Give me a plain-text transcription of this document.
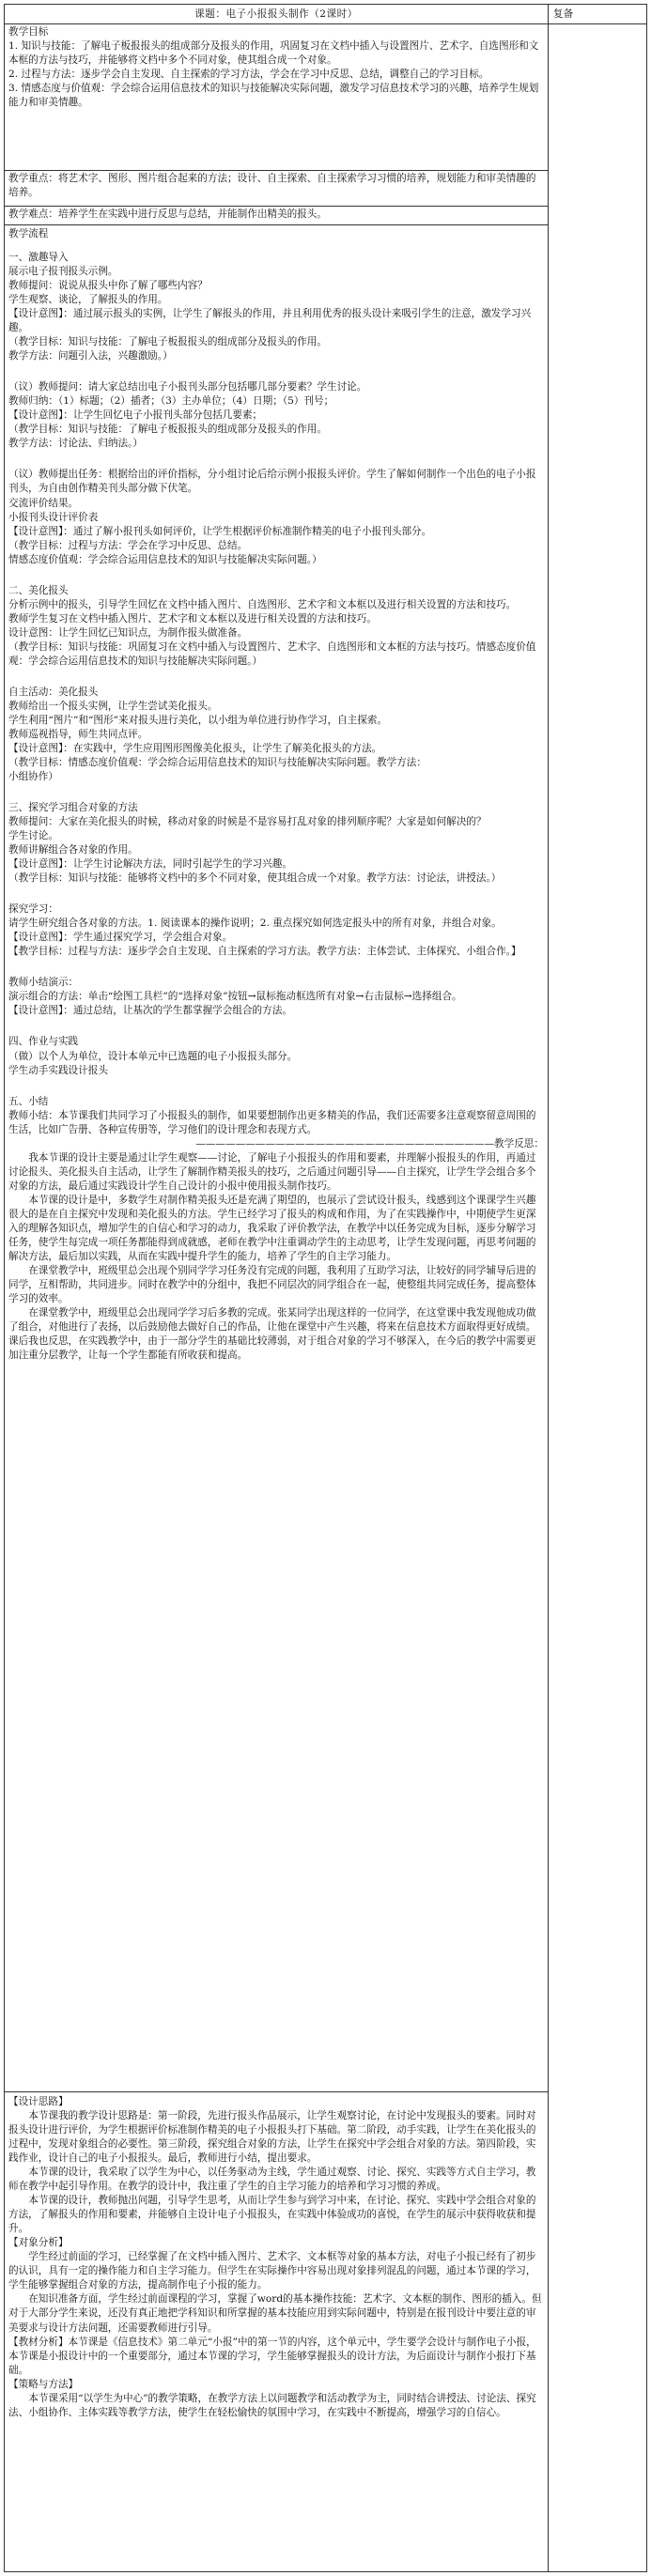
课题：电子小报报头制作（2课时）	复备

教学目标

1. 知识与技能：了解电子板报报头的组成部分及报头的作用，巩固复习在文档中插入与设置图片、艺术字、自选图形和文本框的方法与技巧，并能够将文档中多个不同对象，使其组合成一个对象。

2. 过程与方法：逐步学会自主发现、自主探索的学习方法，学会在学习中反思、总结，调整自己的学习目标。

3. 情感态度与价值观：学会综合运用信息技术的知识与技能解决实际问题，激发学习信息技术学习的兴趣，培养学生规划能力和审美情趣。

教学重点：将艺术字、图形、图片组合起来的方法；设计、自主探索、自主探索学习习惯的培养，规划能力和审美情趣的培养。

教学难点：培养学生在实践中进行反思与总结，并能制作出精美的报头。

教学流程

一、激趣导入

展示电子报刊报头示例。

教师提问：说说从报头中你了解了哪些内容？

学生观察、谈论，了解报头的作用。

【设计意图】：通过展示报头的实例，让学生了解报头的作用，并且利用优秀的报头设计来吸引学生的注意，激发学习兴趣。

（教学目标：知识与技能：了解电子板报报头的组成部分及报头的作用。

教学方法：问题引入法，兴趣激励。）

（议）教师提问：请大家总结出电子小报刊头部分包括哪几部分要素？学生讨论。

教师归纳：（1）标题；（2）插者；（3）主办单位；（4）日期；（5）刊号；

【设计意图】：让学生回忆电子小报刊头部分包括几要素；

（教学目标：知识与技能：了解电子板报报头的组成部分及报头的作用。

教学方法：讨论法、归纳法。）

（议）教师提出任务：根据给出的评价指标，分小组讨论后给示例小报报头评价。学生了解如何制作一个出色的电子小报刊头，为自由创作精美刊头部分做下伏笔。

交流评价结果。

小报刊头设计评价表

【设计意图】：通过了解小报刊头如何评价，让学生根据评价标准制作精美的电子小报刊头部分。

（教学目标：过程与方法：学会在学习中反思、总结。

情感态度价值观：学会综合运用信息技术的知识与技能解决实际问题。）

二、美化报头

分析示例中的报头，引导学生回忆在文档中插入图片、自选图形、艺术字和文本框以及进行相关设置的方法和技巧。

教师学生复习在文档中插入图片、艺术字和文本框以及进行相关设置的方法和技巧。

设计意图：让学生回忆已知识点，为制作报头做准备。

（教学目标：知识与技能：巩固复习在文档中插入与设置图片、艺术字、自选图形和文本框的方法与技巧。情感态度价值观：学会综合运用信息技术的知识与技能解决实际问题。）

自主活动：美化报头

教师给出一个报头实例，让学生尝试美化报头。

学生利用“图片”和“图形”来对报头进行美化，以小组为单位进行协作学习，自主探索。

教师巡视指导，师生共同点评。

【设计意图】：在实践中，学生应用图形图像美化报头，让学生了解美化报头的方法。

（教学目标：情感态度价值观：学会综合运用信息技术的知识与技能解决实际问题。教学方法：

小组协作）

三、探究学习组合对象的方法

教师提问：大家在美化报头的时候，移动对象的时候是不是容易打乱对象的排列顺序呢？大家是如何解决的？

学生讨论。

教师讲解组合各对象的作用。

【设计意图】：让学生讨论解决方法，同时引起学生的学习兴趣。

（教学目标：知识与技能：能够将文档中的多个不同对象，使其组合成一个对象。教学方法：讨论法，讲授法。）

探究学习：

请学生研究组合各对象的方法。1. 阅读课本的操作说明；2. 重点探究如何选定报头中的所有对象，并组合对象。

【设计意图】：学生通过探究学习，学会组合对象。

【教学目标：过程与方法：逐步学会自主发现、自主探索的学习方法。教学方法：主体尝试、主体探究、小组合作。】

教师小结演示：

演示组合的方法：单击“绘图工具栏”的“选择对象”按钮→鼠标拖动框选所有对象→右击鼠标→选择组合。

【设计意图】：通过总结，让基次的学生都掌握学会组合的方法。

四、作业与实践

（做）以个人为单位，设计本单元中已选题的电子小报报头部分。

学生动手实践设计报头

五、小结

教师小结：本节课我们共同学习了小报报头的制作，如果要想制作出更多精美的作品，我们还需要多注意观察留意周围的生活，比如广告册、各种宣传册等，学习他们的设计理念和表现方式。

——————————————————————————————教学反思：

我本节课的设计主要是通过让学生观察——讨论，了解电子小报报头的作用和要素，并理解小报报头的作用，再通过讨论报头、美化报头自主活动，让学生了解制作精美报头的技巧，之后通过问题引导——自主探究，让学生学会组合多个对象的方法，最后通过实践设计学生自己设计的小报中使用报头制作技巧。

本节课的设计是中，多数学生对制作精美报头还是充满了期望的，也展示了尝试设计报头，线感到这个课课学生兴趣很大的是在自主探究中发现和美化报头的方法。学生已经学习了报头的构成和作用，为了在实践操作中，中期使学生更深入的理解各知识点，增加学生的自信心和学习的动力，我采取了评价教学法，在教学中以任务完成为目标，逐步分解学习任务，使学生每完成一项任务都能得到成就感，老师在教学中注重调动学生的主动思考，让学生发现问题，再思考问题的解决方法，最后加以实践，从而在实践中提升学生的能力，培养了学生的自主学习能力。

在课堂教学中，班级里总会出现个别同学学习任务没有完成的问题，我利用了互助学习法，让较好的同学辅导后进的同学，互相帮助，共同进步。同时在教学中的分组中，我把不同层次的同学组合在一起，使整组共同完成任务，提高整体学习的效率。

在课堂教学中，班级里总会出现同学学习后多教的完成。张某同学出现这样的一位同学，在这堂课中我发现他成功做了组合，对他进行了表扬，以后鼓励他去做好自己的作品，让他在课堂中产生兴趣，将来在信息技术方面取得更好成绩。课后我也反思，在实践教学中，由于一部分学生的基础比较薄弱，对于组合对象的学习不够深入，在今后的教学中需要更加注重分层教学，让每一个学生都能有所收获和提高。

【设计思路】

本节课我的教学设计思路是：第一阶段，先进行报头作品展示，让学生观察讨论，在讨论中发现报头的要素。同时对报头设计进行评价，为学生根据评价标准制作精美的电子小报报头打下基础。第二阶段，动手实践，让学生在美化报头的过程中，发现对象组合的必要性。第三阶段，探究组合对象的方法，让学生在探究中学会组合对象的方法。第四阶段，实践作业，设计自己的电子小报报头。最后，教师进行小结，提出要求。

本节课的设计，我采取了以学生为中心，以任务驱动为主线，学生通过观察、讨论、探究、实践等方式自主学习，教师在教学中起引导作用。在教学的设计中，我注重了学生的自主学习能力的培养和学习习惯的养成。

本节课的设计，教师抛出问题，引导学生思考，从而让学生参与到学习中来，在讨论、探究、实践中学会组合对象的方法，了解报头的作用和要素，并能够自主设计电子小报报头，在实践中体验成功的喜悦，在学生的展示中获得收获和提升。

【对象分析】

学生经过前面的学习，已经掌握了在文档中插入图片、艺术字、文本框等对象的基本方法，对电子小报已经有了初步的认识，具有一定的操作能力和自主学习能力。但学生在实际操作中容易出现对象排列混乱的问题，通过本节课的学习，学生能够掌握组合对象的方法，提高制作电子小报的能力。

在知识准备方面，学生经过前面课程的学习，掌握了word的基本操作技能：艺术字、文本框的制作、图形的插入。但对于大部分学生来说，还没有真正地把学科知识和所掌握的基本技能应用到实际问题中，特别是在报刊设计中要注意的审美要求与设计方法问题，还需要教师进行引导。

【教材分析】本节课是《信息技术》第二单元“小报”中的第一节的内容，这个单元中，学生要学会设计与制作电子小报，本节课是小报设计中的一个重要部分，通过本节课的学习，学生能够掌握报头的设计方法，为后面设计与制作小报打下基础。

【策略与方法】

本节课采用“以学生为中心”的教学策略，在教学方法上以问题教学和活动教学为主，同时结合讲授法、讨论法、探究法、小组协作、主体实践等教学方法，使学生在轻松愉快的氛围中学习，在实践中不断提高，增强学习的自信心。
